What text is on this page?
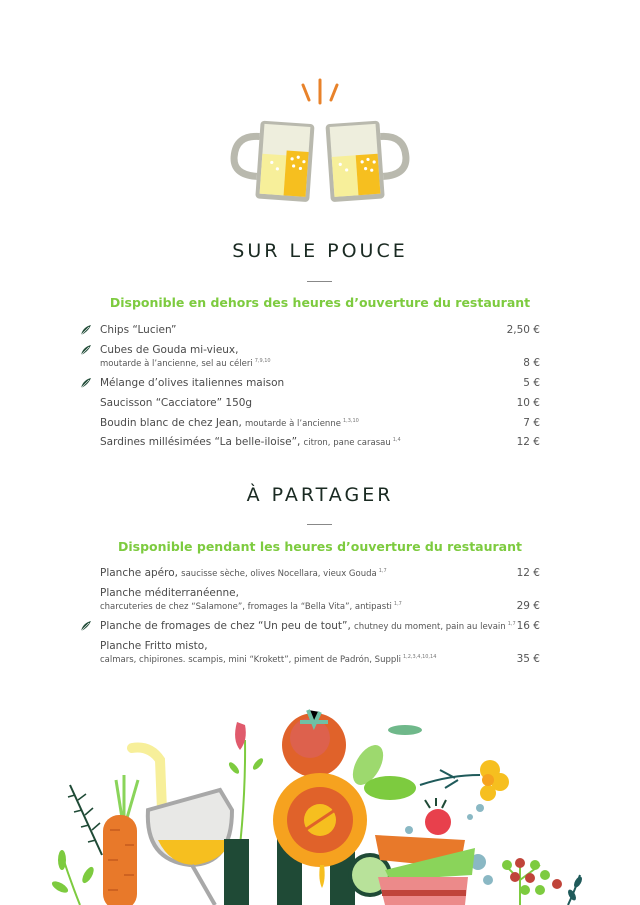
SUR LE POUCE
Disponible en dehors des heures d’ouverture du restaurant
Chips “Lucien”	2,50 €
Cubes de Gouda mi-vieux,
moutarde à l’ancienne, sel au céleri $^{7,9,10}$	8 €
Mélange d’olives italiennes maison	5 €
Saucisson “Cacciatore” 150g	10 €
Boudin blanc de chez Jean, moutarde à l’ancienne $^{1,3,10}$	7 €
Sardines millésimées “La belle-iloise”, citron, pane carasau $^{1,4}$	12 €
À PARTAGER
Disponible pendant les heures d’ouverture du restaurant
Planche apéro, saucisse sèche, olives Nocellara, vieux Gouda $^{1,7}$	12 €
Planche méditerranéenne,
charcuteries de chez “Salamone”, fromages la “Bella Vita”, antipasti $^{1,7}$	29 €
Planche de fromages de chez “Un peu de tout”, chutney du moment, pain au levain $^{1,7}$ 16 €
Planche Fritto misto,
calmars, chipirones. scampis, mini “Krokett”, piment de Padrón, Suppli $^{1,2,3,4,10,14}$	35 €
